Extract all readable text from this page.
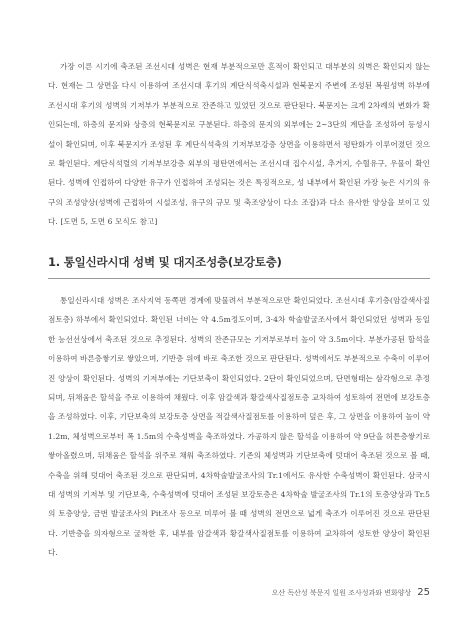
가장 이른 시기에 축조된 조선시대 성벽은 현재 부분적으로만 흔적이 확인되고 대부분의 의벽은 확인되지 않는다. 현재는 그 상면을 다시 이용하여 조선시대 후기의 계단식석축시설과 현북문지 주변에 조성된 복원성벽 하부에 조선시대 후기의 성벽의 기저부가 부분적으로 잔존하고 있었던 것으로 판단된다. 북문지는 크게 2차례의 변화가 확인되는데, 하층의 문지와 상층의 현북문지로 구분된다. 하층의 문지의 외부에는 2~3단의 계단을 조성하여 등성시설이 확인되며, 이후 북문지가 조성된 후 계단식석축의 기저부보강층 상면을 이용하면서 평탄화가 이루어졌던 것으로 확인된다. 계단식석렬의 기저부보강층 외부의 평탄면에서는 조선시대 집수시설, 추거지, 수혈유구, 우물이 확인된다. 성벽에 인접하여 다양한 유구가 인접하여 조성되는 것은 특징적으로, 성 내부에서 확인된 가장 늦은 시기의 유구의 조성양상(성벽에 근접하여 시설조성, 유구의 규모 및 축조양상이 다소 조잡)과 다소 유사한 양상을 보이고 있다. [도면 5, 도면 6 모식도 참고]

1. 통일신라시대 성벽 및 대지조성층(보강토층)

통일신라시대 성벽은 조사지역 동쪽편 경계에 맞물려서 부분적으로만 확인되었다. 조선시대 후기층(암갈색사질점토층) 하부에서 확인되었다. 확인된 너비는 약 4.5m정도이며, 3·4차 학술발굴조사에서 확인되었던 성벽과 동일한 능선선상에서 축조된 것으로 추정된다. 성벽의 잔존규모는 기저부로부터 높이 약 3.5m이다. 부분가공된 할석을 이용하여 바른층쌓기로 쌓았으며, 기반층 위에 바로 축조한 것으로 판단된다. 성벽에서도 부분적으로 수축이 이루어진 양상이 확인된다. 성벽의 기저부에는 기단보축이 확인되었다. 2단이 확인되었으며, 단면형태는 삼각형으로 추정되며, 뒤채움은 할석을 주로 이용하여 채웠다. 이후 암갈색과 황갈색사질점토층 교차하여 성토하여 전면에 보강토층을 조성하였다. 이후, 기단보축의 보강토층 상면을 적갈색사질점토를 이용하여 덮은 후, 그 상면을 이용하여 높이 약 1.2m, 체성벽으로부터 폭 1.5m의 수축성벽을 축조하였다. 가공하지 않은 할석을 이용하여 약 9단을 허튼층쌓기로 쌓아올렸으며, 뒤채움은 할석을 위주로 채워 축조하였다. 기존의 체성벽과 기단보축에 덧대어 축조된 것으로 볼 때, 수축을 위해 덧대어 축조된 것으로 판단되며, 4차학술발굴조사의 Tr.1에서도 유사한 수축성벽이 확인된다. 삼국시대 성벽의 기저부 및 기단보축, 수축성벽에 덧대어 조성된 보강토층은 4차학술 발굴조사의 Tr.1의 토층양상과 Tr.5의 토층양상, 금번 발굴조사의 Pit조사 등으로 미루어 볼 때 성벽의 전면으로 넓게 축조가 이루어진 것으로 판단된다. 기반층을 의자형으로 굴착한 후, 내부를 암갈색과 황갈색사질점토를 이용하여 교차하여 성토한 양상이 확인된다.

오산 독산성 북문지 일원 조사성과와 변화양상 25
